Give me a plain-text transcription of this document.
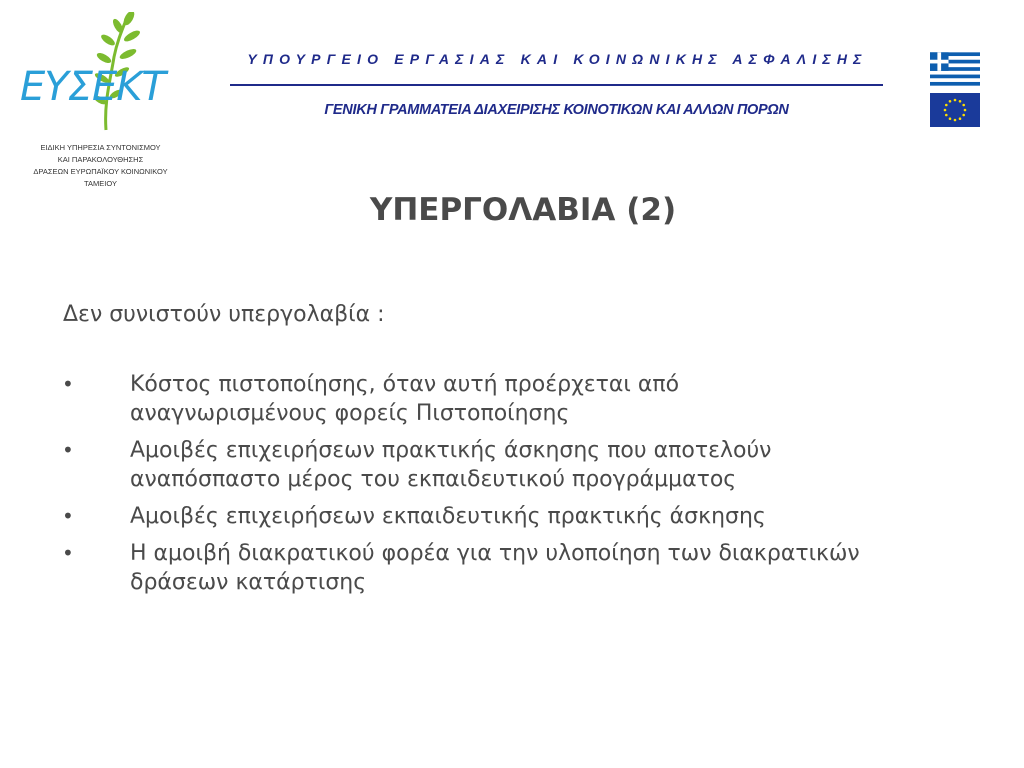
ΕΥΣΕΚΤ
ΕΙΔΙΚΗ ΥΠΗΡΕΣΙΑ ΣΥΝΤΟΝΙΣΜΟΥ
ΚΑΙ ΠΑΡΑΚΟΛΟΥΘΗΣΗΣ
ΔΡΑΣΕΩΝ ΕΥΡΩΠΑΪΚΟΥ ΚΟΙΝΩΝΙΚΟΥ ΤΑΜΕΙΟΥ
ΥΠΟΥΡΓΕΙΟ ΕΡΓΑΣΙΑΣ ΚΑΙ ΚΟΙΝΩΝΙΚΗΣ ΑΣΦΑΛΙΣΗΣ
ΓΕΝΙΚΗ ΓΡΑΜΜΑΤΕΙΑ ΔΙΑΧΕΙΡΙΣΗΣ ΚΟΙΝΟΤΙΚΩΝ ΚΑΙ ΑΛΛΩΝ ΠΟΡΩΝ
ΥΠΕΡΓΟΛΑΒΙΑ (2)
Δεν συνιστούν υπεργολαβία :
•	Κόστος πιστοποίησης, όταν αυτή προέρχεται από
αναγνωρισμένους φορείς Πιστοποίησης
•	Αμοιβές επιχειρήσεων πρακτικής άσκησης που αποτελούν
αναπόσπαστο μέρος του εκπαιδευτικού προγράμματος
•	Αμοιβές επιχειρήσεων εκπαιδευτικής πρακτικής άσκησης
•	Η αμοιβή διακρατικού φορέα για την υλοποίηση των διακρατικών
δράσεων κατάρτισης
